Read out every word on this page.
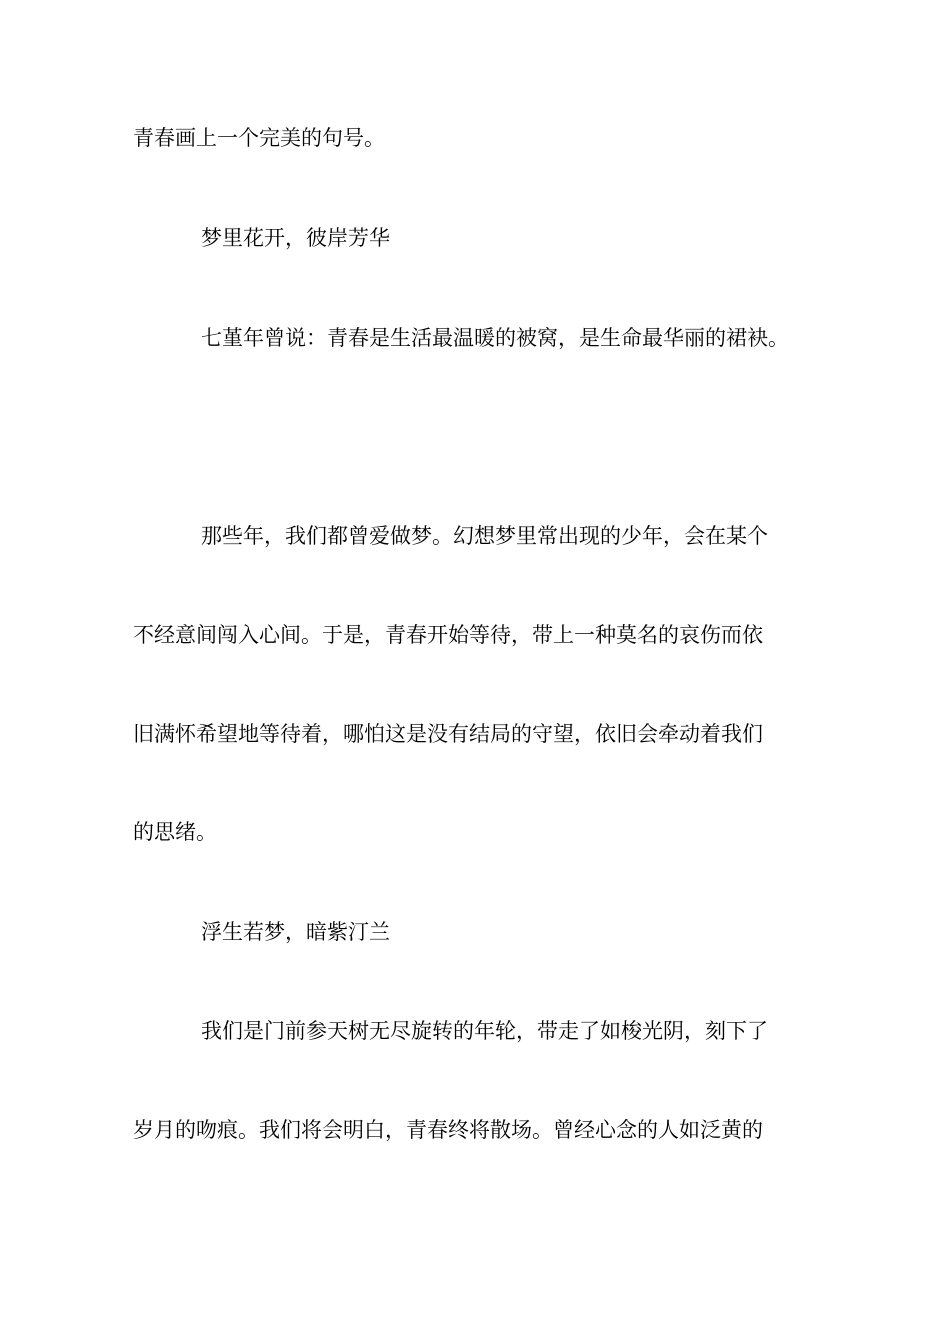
青春画上一个完美的句号。

梦里花开，彼岸芳华

七堇年曾说：青春是生活最温暖的被窝，是生命最华丽的裙袂。

那些年，我们都曾爱做梦。幻想梦里常出现的少年，会在某个

不经意间闯入心间。于是，青春开始等待，带上一种莫名的哀伤而依

旧满怀希望地等待着，哪怕这是没有结局的守望，依旧会牵动着我们

的思绪。

浮生若梦，暗紫汀兰

我们是门前参天树无尽旋转的年轮，带走了如梭光阴，刻下了

岁月的吻痕。我们将会明白，青春终将散场。曾经心念的人如泛黄的
